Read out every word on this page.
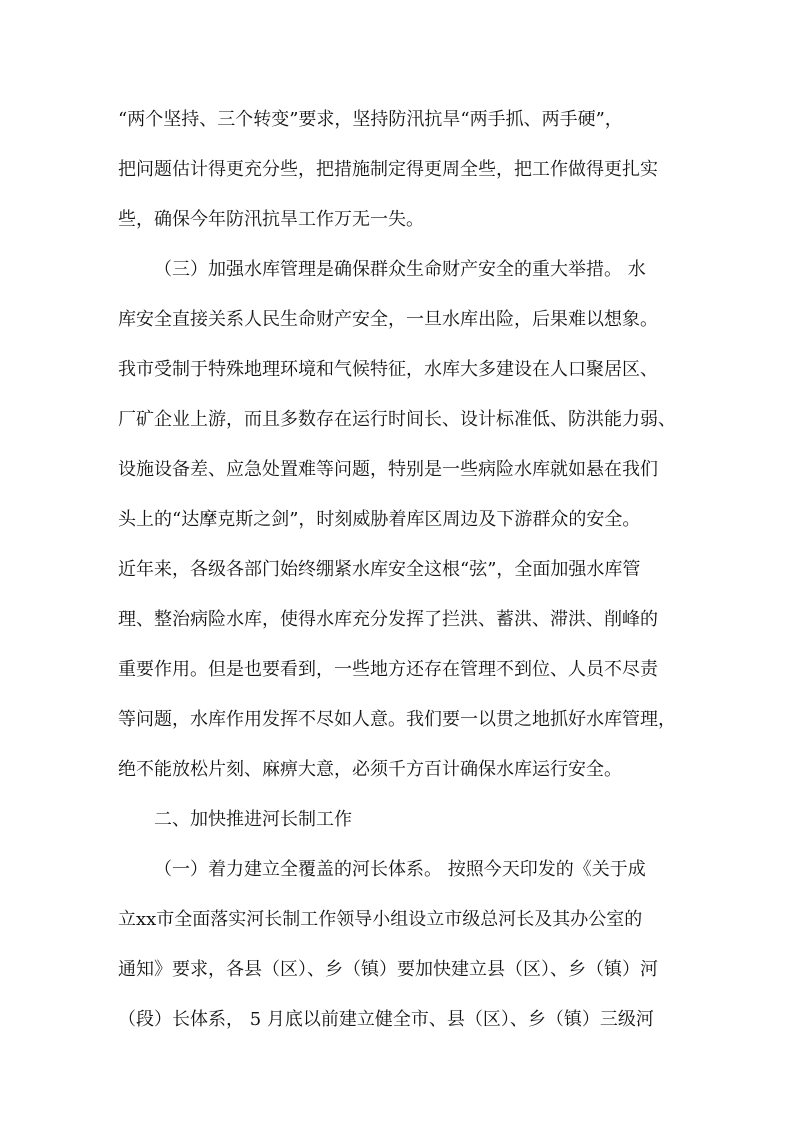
“两个坚持、三个转变”要求，坚持防汛抗旱“两手抓、两手硬”，
把问题估计得更充分些，把措施制定得更周全些，把工作做得更扎实
些，确保今年防汛抗旱工作万无一失。
（三）加强水库管理是确保群众生命财产安全的重大举措。 水
库安全直接关系人民生命财产安全，一旦水库出险，后果难以想象。
我市受制于特殊地理环境和气候特征，水库大多建设在人口聚居区、
厂矿企业上游，而且多数存在运行时间长、设计标准低、防洪能力弱、
设施设备差、应急处置难等问题，特别是一些病险水库就如悬在我们
头上的“达摩克斯之剑”，时刻威胁着库区周边及下游群众的安全。
近年来，各级各部门始终绷紧水库安全这根“弦”，全面加强水库管
理、整治病险水库，使得水库充分发挥了拦洪、蓄洪、滞洪、削峰的
重要作用。但是也要看到，一些地方还存在管理不到位、人员不尽责
等问题，水库作用发挥不尽如人意。我们要一以贯之地抓好水库管理，
绝不能放松片刻、麻痹大意，必须千方百计确保水库运行安全。
二、加快推进河长制工作
（一）着力建立全覆盖的河长体系。 按照今天印发的《关于成
立xx市全面落实河长制工作领导小组设立市级总河长及其办公室的
通知》要求，各县（区）、乡（镇）要加快建立县（区）、乡（镇）河
（段）长体系， 5 月底以前建立健全市、县（区）、乡（镇）三级河
